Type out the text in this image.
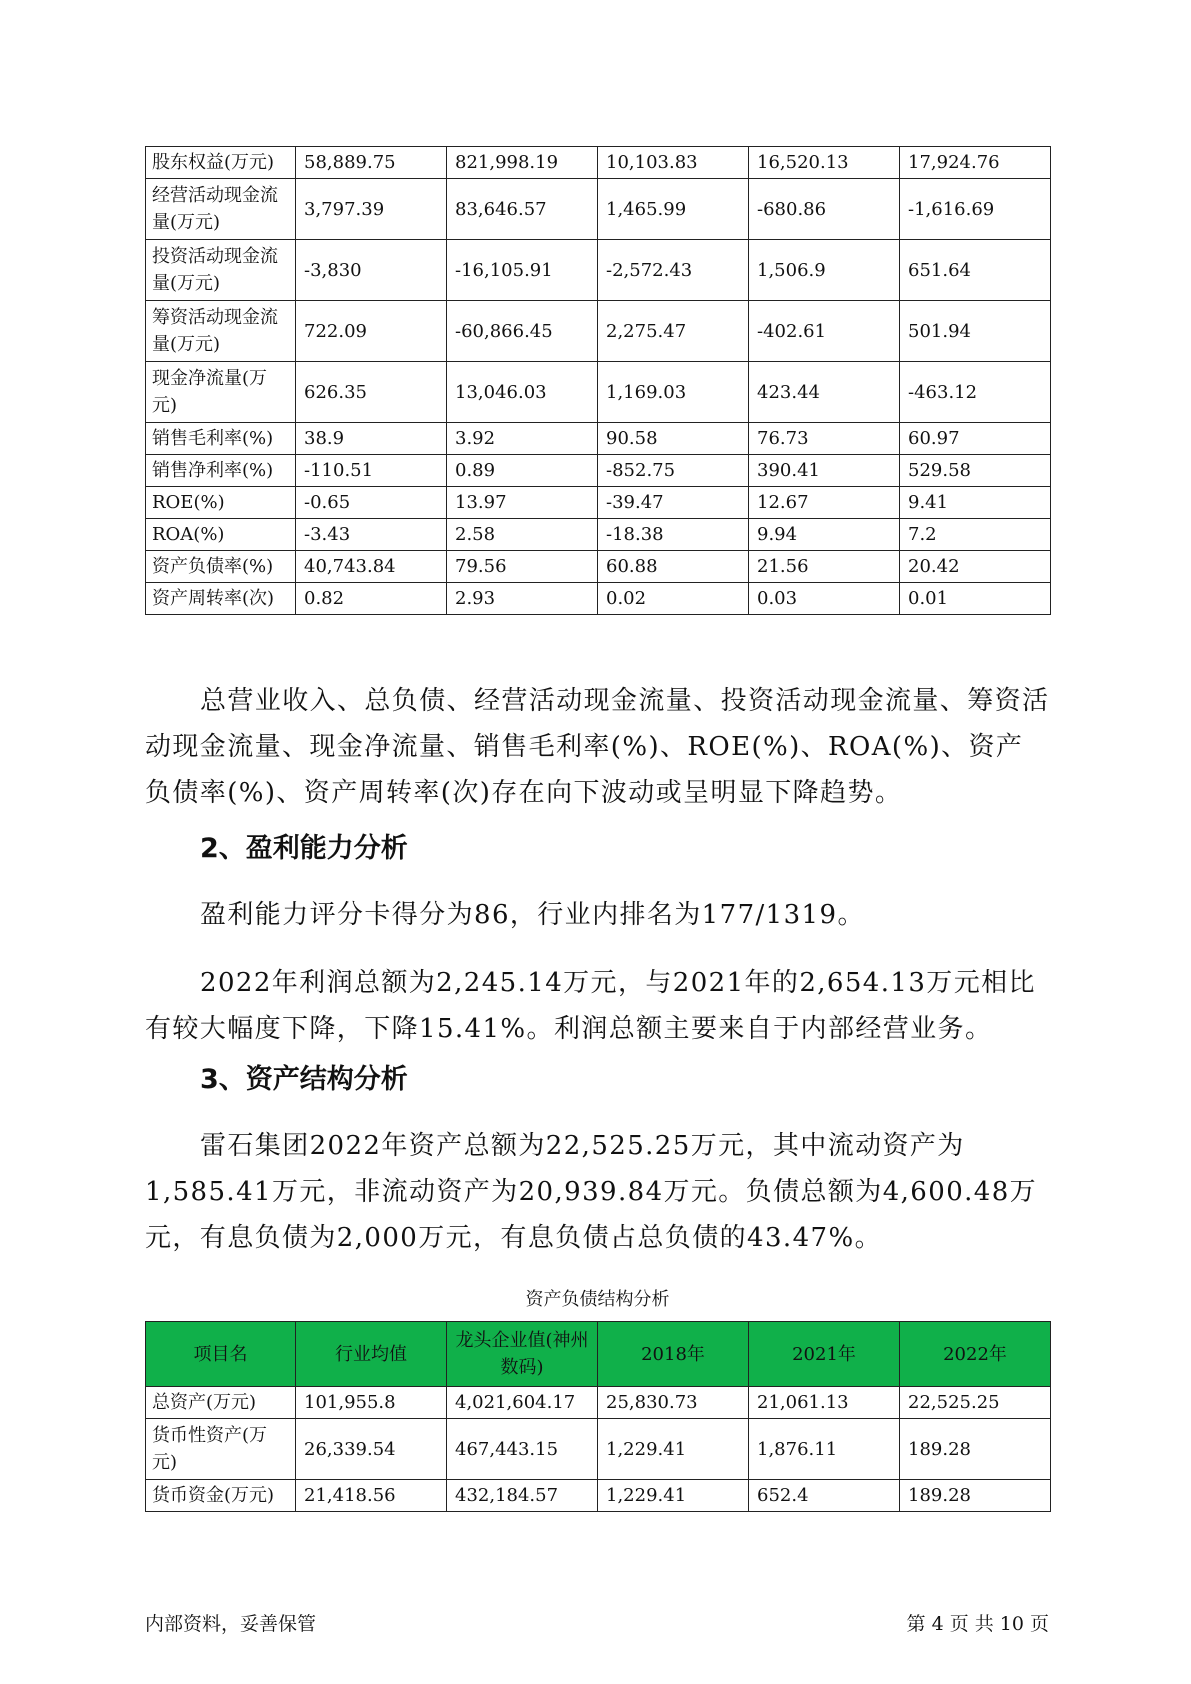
股东权益(万元)	58,889.75	821,998.19	10,103.83	16,520.13	17,924.76
经营活动现金流量(万元)	3,797.39	83,646.57	1,465.99	-680.86	-1,616.69
投资活动现金流量(万元)	-3,830	-16,105.91	-2,572.43	1,506.9	651.64
筹资活动现金流量(万元)	722.09	-60,866.45	2,275.47	-402.61	501.94
现金净流量(万元)	626.35	13,046.03	1,169.03	423.44	-463.12
销售毛利率(%)	38.9	3.92	90.58	76.73	60.97
销售净利率(%)	-110.51	0.89	-852.75	390.41	529.58
ROE(%)	-0.65	13.97	-39.47	12.67	9.41
ROA(%)	-3.43	2.58	-18.38	9.94	7.2
资产负债率(%)	40,743.84	79.56	60.88	21.56	20.42
资产周转率(次)	0.82	2.93	0.02	0.03	0.01

总营业收入、总负债、经营活动现金流量、投资活动现金流量、筹资活动现金流量、现金净流量、销售毛利率(%)、ROE(%)、ROA(%)、资产负债率(%)、资产周转率(次)存在向下波动或呈明显下降趋势。

2、盈利能力分析

盈利能力评分卡得分为86，行业内排名为177/1319。

2022年利润总额为2,245.14万元，与2021年的2,654.13万元相比有较大幅度下降，下降15.41%。利润总额主要来自于内部经营业务。

3、资产结构分析

雷石集团2022年资产总额为22,525.25万元，其中流动资产为1,585.41万元，非流动资产为20,939.84万元。负债总额为4,600.48万元，有息负债为2,000万元，有息负债占总负债的43.47%。

资产负债结构分析

项目名	行业均值	龙头企业值(神州数码)	2018年	2021年	2022年
总资产(万元)	101,955.8	4,021,604.17	25,830.73	21,061.13	22,525.25
货币性资产(万元)	26,339.54	467,443.15	1,229.41	1,876.11	189.28
货币资金(万元)	21,418.56	432,184.57	1,229.41	652.4	189.28
内部资料，妥善保管	第 4 页 共 10 页
